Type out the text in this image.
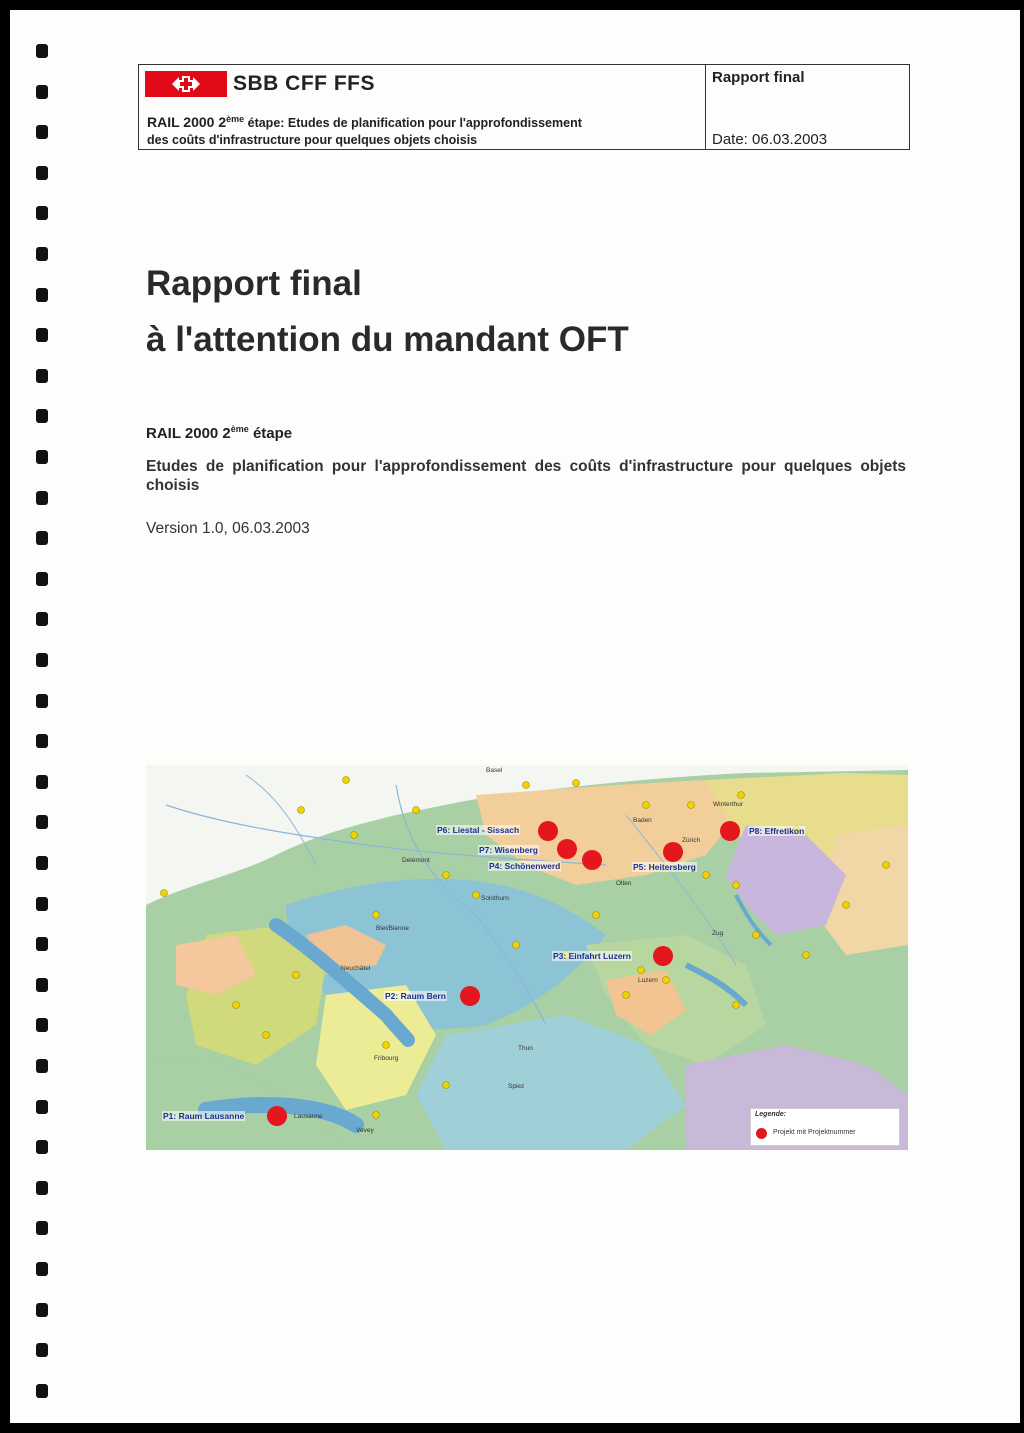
SBB CFF FFS
RAIL 2000 2ème étape: Etudes de planification pour l'approfondissement
des coûts d'infrastructure pour quelques objets choisis
Rapport final
Date: 06.03.2003
Rapport final
à l'attention du mandant OFT
RAIL 2000 2ème étape
Etudes de planification pour l'approfondissement des coûts d'infrastructure pour quelques objets choisis
Version 1.0, 06.03.2003
Basel
Winterthur
Zürich
Baden
Olten
Solothurn
Biel/Bienne
Neuchâtel
Fribourg
Thun
Spiez
Luzern
Zug
Lausanne
Vevey
Delémont
P6: Liestal - Sissach
P7: Wisenberg
P4: Schönenwerd	P5: Heitersberg
P8: Effretikon
P3: Einfahrt Luzern
P2: Raum Bern
P1: Raum Lausanne	Legende:
Projekt mit Projektnummer
